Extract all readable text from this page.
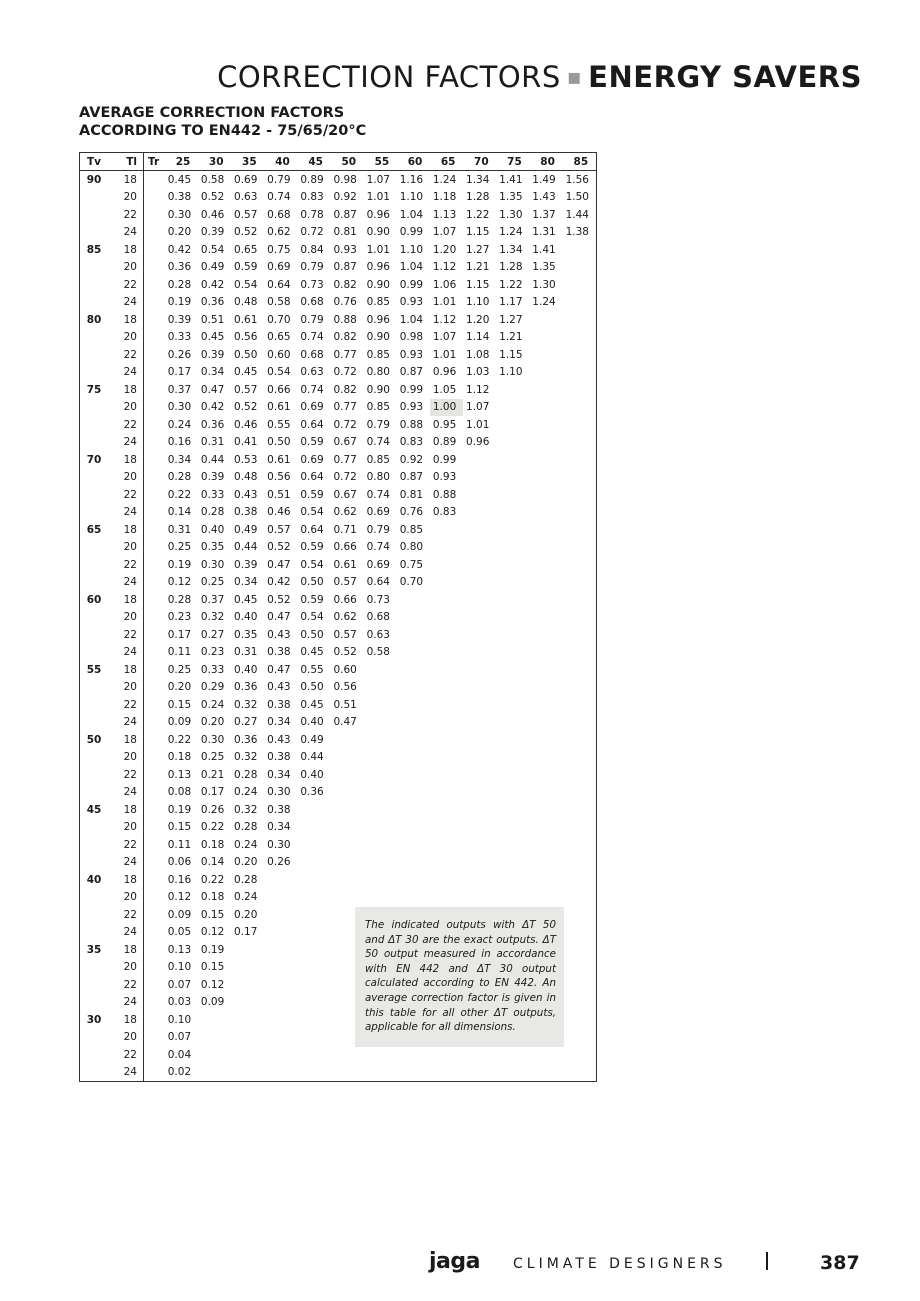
CORRECTION FACTORS ▪ ENERGY SAVERS
AVERAGE CORRECTION FACTORS
ACCORDING TO EN442 - 75/65/20°C
Tv	Tl	Tr	25	30	35	40	45	50	55	60	65	70	75	80	85
90	18		0.45	0.58	0.69	0.79	0.89	0.98	1.07	1.16	1.24	1.34	1.41	1.49	1.56
	20		0.38	0.52	0.63	0.74	0.83	0.92	1.01	1.10	1.18	1.28	1.35	1.43	1.50
	22		0.30	0.46	0.57	0.68	0.78	0.87	0.96	1.04	1.13	1.22	1.30	1.37	1.44
	24		0.20	0.39	0.52	0.62	0.72	0.81	0.90	0.99	1.07	1.15	1.24	1.31	1.38
85	18		0.42	0.54	0.65	0.75	0.84	0.93	1.01	1.10	1.20	1.27	1.34	1.41	
	20		0.36	0.49	0.59	0.69	0.79	0.87	0.96	1.04	1.12	1.21	1.28	1.35	
	22		0.28	0.42	0.54	0.64	0.73	0.82	0.90	0.99	1.06	1.15	1.22	1.30	
	24		0.19	0.36	0.48	0.58	0.68	0.76	0.85	0.93	1.01	1.10	1.17	1.24	
80	18		0.39	0.51	0.61	0.70	0.79	0.88	0.96	1.04	1.12	1.20	1.27		
	20		0.33	0.45	0.56	0.65	0.74	0.82	0.90	0.98	1.07	1.14	1.21		
	22		0.26	0.39	0.50	0.60	0.68	0.77	0.85	0.93	1.01	1.08	1.15		
	24		0.17	0.34	0.45	0.54	0.63	0.72	0.80	0.87	0.96	1.03	1.10		
75	18		0.37	0.47	0.57	0.66	0.74	0.82	0.90	0.99	1.05	1.12			
	20		0.30	0.42	0.52	0.61	0.69	0.77	0.85	0.93	1.00	1.07			
	22		0.24	0.36	0.46	0.55	0.64	0.72	0.79	0.88	0.95	1.01			
	24		0.16	0.31	0.41	0.50	0.59	0.67	0.74	0.83	0.89	0.96			
70	18		0.34	0.44	0.53	0.61	0.69	0.77	0.85	0.92	0.99				
	20		0.28	0.39	0.48	0.56	0.64	0.72	0.80	0.87	0.93				
	22		0.22	0.33	0.43	0.51	0.59	0.67	0.74	0.81	0.88				
	24		0.14	0.28	0.38	0.46	0.54	0.62	0.69	0.76	0.83				
65	18		0.31	0.40	0.49	0.57	0.64	0.71	0.79	0.85					
	20		0.25	0.35	0.44	0.52	0.59	0.66	0.74	0.80					
	22		0.19	0.30	0.39	0.47	0.54	0.61	0.69	0.75					
	24		0.12	0.25	0.34	0.42	0.50	0.57	0.64	0.70					
60	18		0.28	0.37	0.45	0.52	0.59	0.66	0.73						
	20		0.23	0.32	0.40	0.47	0.54	0.62	0.68						
	22		0.17	0.27	0.35	0.43	0.50	0.57	0.63						
	24		0.11	0.23	0.31	0.38	0.45	0.52	0.58						
55	18		0.25	0.33	0.40	0.47	0.55	0.60							
	20		0.20	0.29	0.36	0.43	0.50	0.56							
	22		0.15	0.24	0.32	0.38	0.45	0.51							
	24		0.09	0.20	0.27	0.34	0.40	0.47							
50	18		0.22	0.30	0.36	0.43	0.49								
	20		0.18	0.25	0.32	0.38	0.44								
	22		0.13	0.21	0.28	0.34	0.40								
	24		0.08	0.17	0.24	0.30	0.36								
45	18		0.19	0.26	0.32	0.38									
	20		0.15	0.22	0.28	0.34									
	22		0.11	0.18	0.24	0.30									
	24		0.06	0.14	0.20	0.26									
40	18		0.16	0.22	0.28										
	20		0.12	0.18	0.24										
	22		0.09	0.15	0.20										
	24		0.05	0.12	0.17										
35	18		0.13	0.19											
	20		0.10	0.15											
	22		0.07	0.12											
	24		0.03	0.09											
30	18		0.10												
	20		0.07												
	22		0.04												
	24		0.02												
The indicated outputs with ΔT 50 and ΔT 30 are the exact outputs. ΔT 50 output measured in accordance with EN 442 and ΔT 30 output calculated according to EN 442. An average correction factor is given in this table for all other ΔT outputs, applicable for all dimensions.
jaga CLIMATE DESIGNERS	387
